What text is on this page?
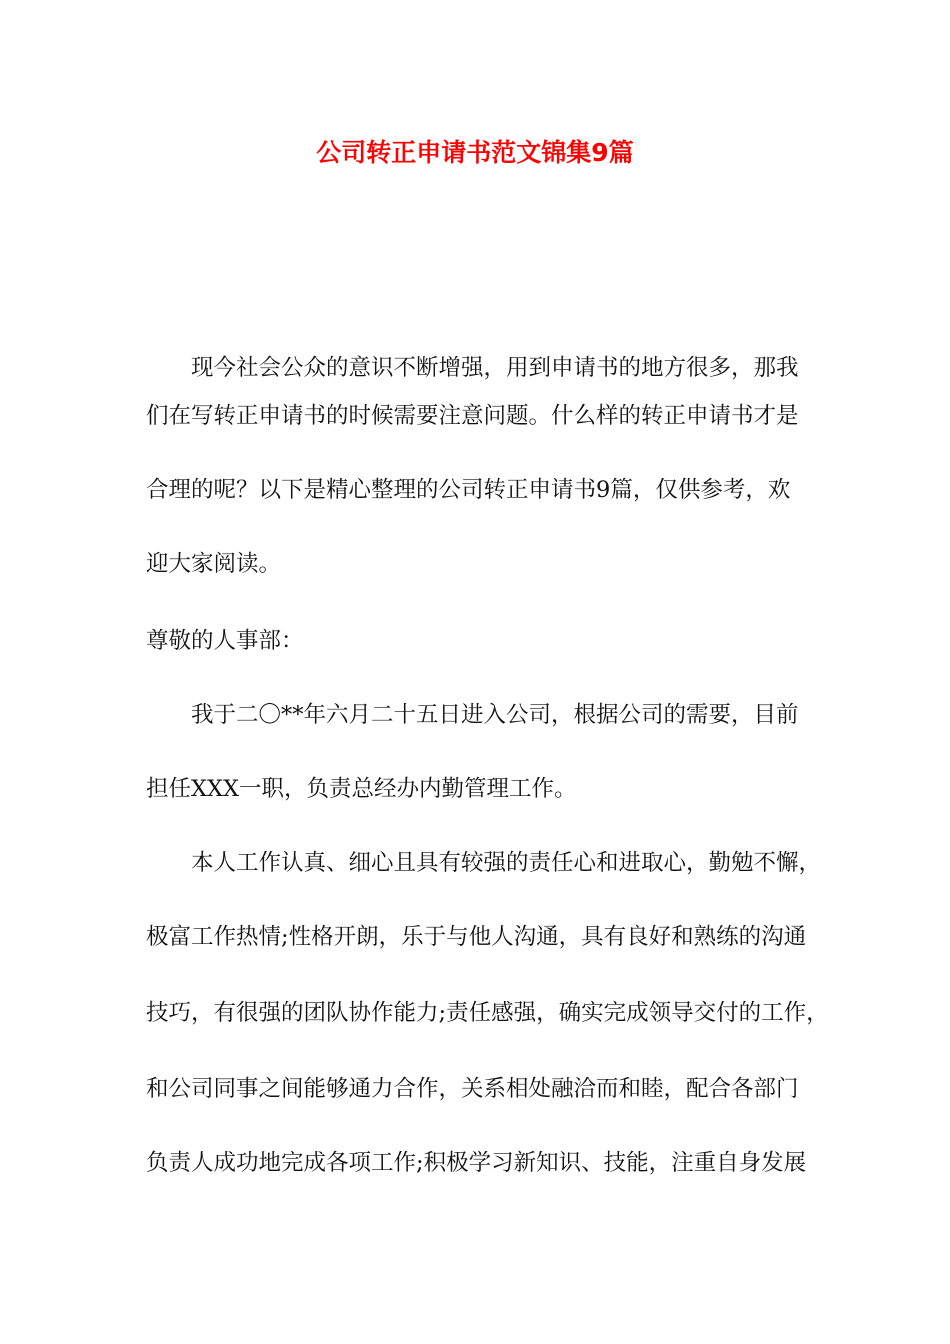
公司转正申请书范文锦集9篇

现今社会公众的意识不断增强，用到申请书的地方很多，那我

们在写转正申请书的时候需要注意问题。什么样的转正申请书才是

合理的呢？以下是精心整理的公司转正申请书9篇，仅供参考，欢

迎大家阅读。

尊敬的人事部：

我于二〇**年六月二十五日进入公司，根据公司的需要，目前

担任XXX一职，负责总经办内勤管理工作。

本人工作认真、细心且具有较强的责任心和进取心，勤勉不懈，

极富工作热情;性格开朗，乐于与他人沟通，具有良好和熟练的沟通

技巧，有很强的团队协作能力;责任感强，确实完成领导交付的工作，

和公司同事之间能够通力合作，关系相处融洽而和睦，配合各部门

负责人成功地完成各项工作;积极学习新知识、技能，注重自身发展
